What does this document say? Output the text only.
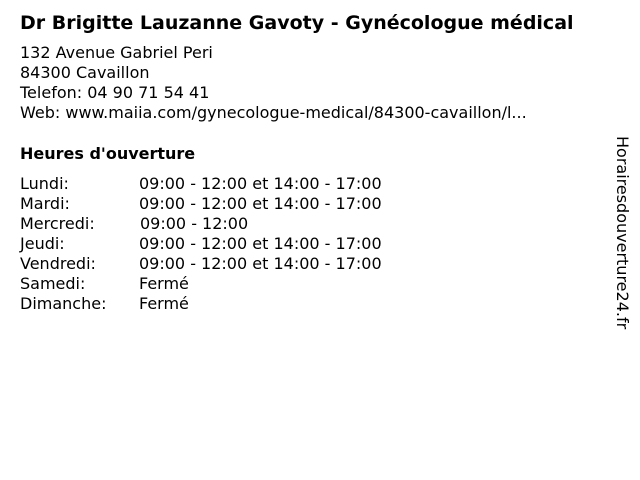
Dr Brigitte Lauzanne Gavoty - Gynécologue médical
132 Avenue Gabriel Peri
84300 Cavaillon
Telefon: 04 90 71 54 41
Web: www.maiia.com/gynecologue-medical/84300-cavaillon/l...
Heures d'ouverture
Lundi:	09:00 - 12:00 et 14:00 - 17:00
Mardi:	09:00 - 12:00 et 14:00 - 17:00
Mercredi:	09:00 - 12:00
Jeudi:	09:00 - 12:00 et 14:00 - 17:00
Vendredi:	09:00 - 12:00 et 14:00 - 17:00
Samedi:	Fermé
Dimanche: Fermé	Horairesdouverture24.fr
